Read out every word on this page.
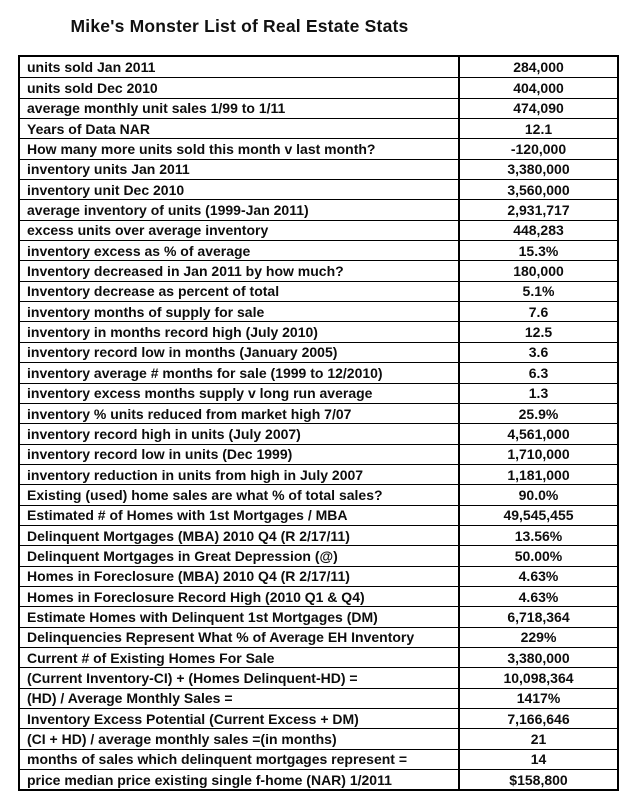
Mike's Monster List of Real Estate Stats
units sold Jan 2011	284,000
units sold Dec 2010	404,000
average monthly unit sales 1/99 to 1/11	474,090
Years of Data NAR	12.1
How many more units sold this month v last month?	-120,000
inventory units Jan 2011	3,380,000
inventory unit Dec 2010	3,560,000
average inventory of units (1999-Jan 2011)	2,931,717
excess units over average inventory	448,283
inventory excess as % of average	15.3%
Inventory decreased in Jan 2011 by how much?	180,000
Inventory decrease as percent of total	5.1%
inventory months of supply for sale	7.6
inventory in months record high (July 2010)	12.5
inventory record low in months (January 2005)	3.6
inventory average # months for sale (1999 to 12/2010)	6.3
inventory excess months supply v long run average	1.3
inventory % units reduced from market high 7/07	25.9%
inventory record high in units (July 2007)	4,561,000
inventory record low in units (Dec 1999)	1,710,000
inventory reduction in units from high in July 2007	1,181,000
Existing (used) home sales are what % of total sales?	90.0%
Estimated # of Homes with 1st Mortgages / MBA	49,545,455
Delinquent Mortgages (MBA) 2010 Q4 (R 2/17/11)	13.56%
Delinquent Mortgages in Great Depression (@)	50.00%
Homes in Foreclosure (MBA) 2010 Q4 (R 2/17/11)	4.63%
Homes in Foreclosure Record High (2010 Q1 & Q4)	4.63%
Estimate Homes with Delinquent 1st Mortgages (DM)	6,718,364
Delinquencies Represent What % of Average EH Inventory	229%
Current # of Existing Homes For Sale	3,380,000
(Current Inventory-CI) + (Homes Delinquent-HD) =	10,098,364
(HD) / Average Monthly Sales =	1417%
Inventory Excess Potential (Current Excess + DM)	7,166,646
(CI + HD) / average monthly sales =(in months)	21
months of sales which delinquent mortgages represent =	14
price median price existing single f-home (NAR) 1/2011	$158,800
